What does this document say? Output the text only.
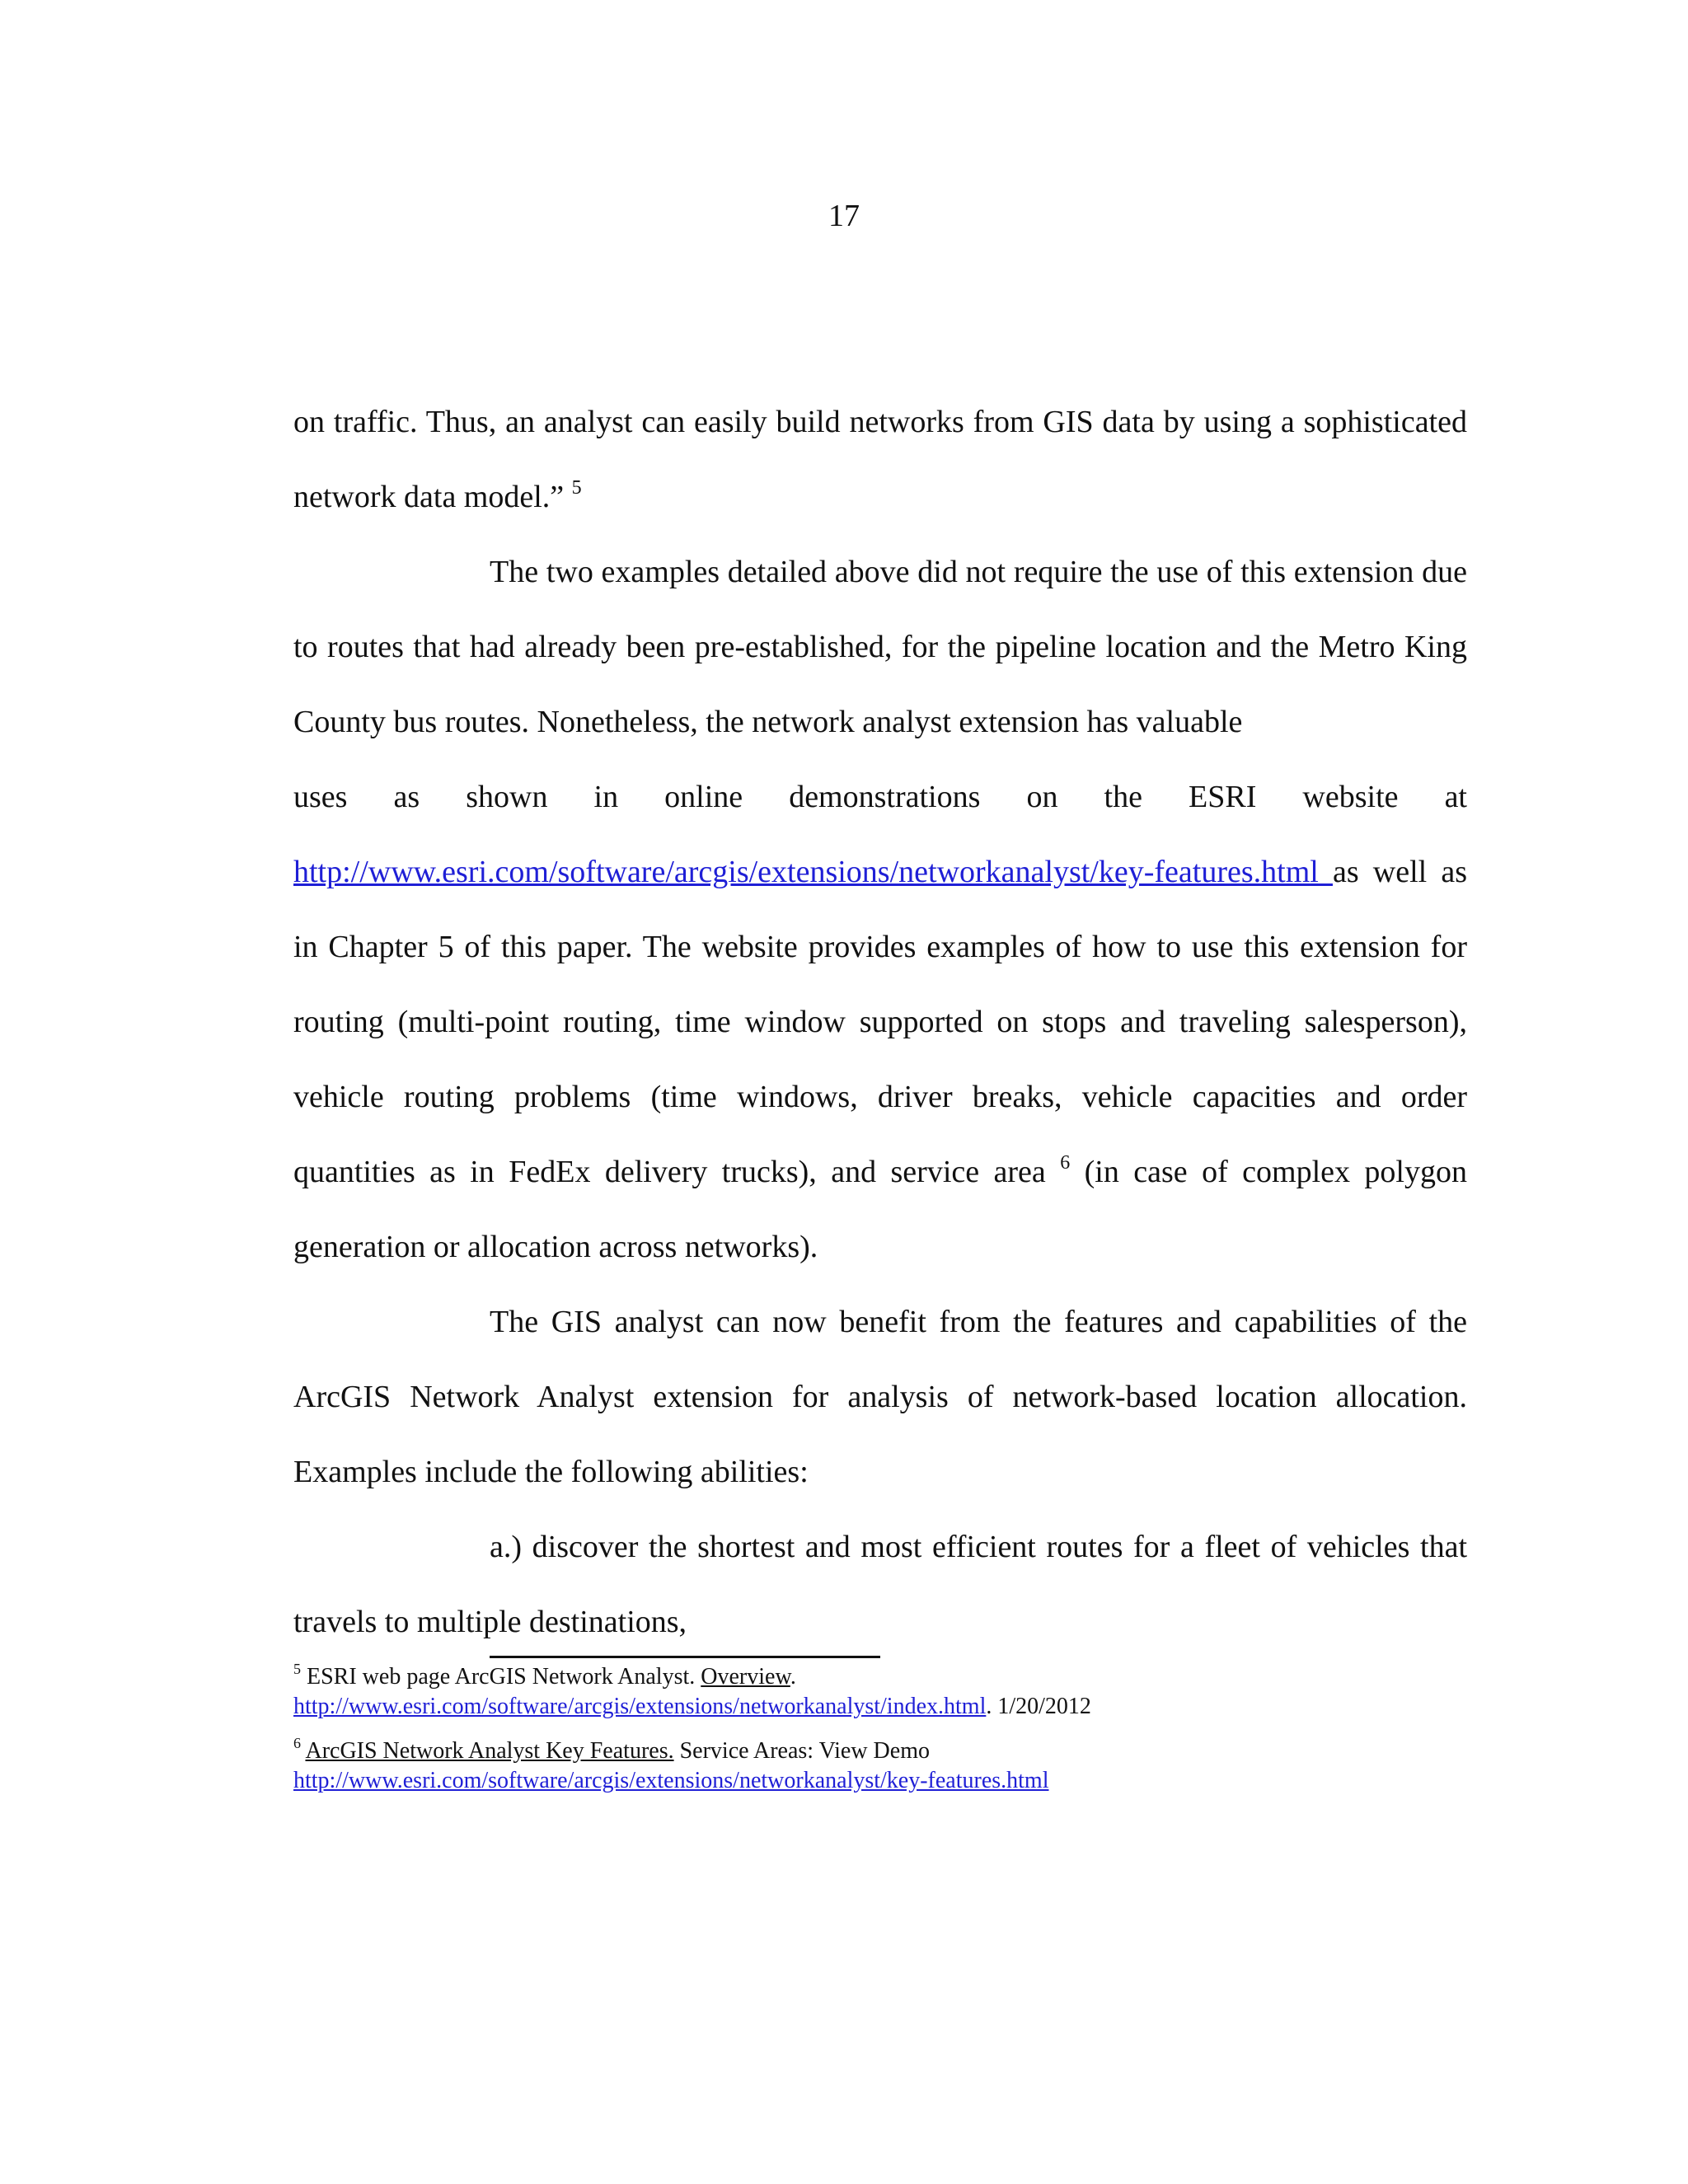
17

on traffic. Thus, an analyst can easily build networks from GIS data by using a sophisticated network data model.” $^5$

The two examples detailed above did not require the use of this extension due to routes that had already been pre-established, for the pipeline location and the Metro King County bus routes. Nonetheless, the network analyst extension has valuable

uses as shown in online demonstrations on the ESRI website at

http://www.esri.com/software/arcgis/extensions/networkanalyst/key-features.html as well as in Chapter 5 of this paper. The website provides examples of how to use this extension for routing (multi-point routing, time window supported on stops and traveling salesperson), vehicle routing problems (time windows, driver breaks, vehicle capacities and order quantities as in FedEx delivery trucks), and service area $^6$ (in case of complex polygon generation or allocation across networks).

The GIS analyst can now benefit from the features and capabilities of the ArcGIS Network Analyst extension for analysis of network-based location allocation. Examples include the following abilities:

a.) discover the shortest and most efficient routes for a fleet of vehicles that travels to multiple destinations,

$^5$ ESRI web page ArcGIS Network Analyst. Overview.
http://www.esri.com/software/arcgis/extensions/networkanalyst/index.html. 1/20/2012
$^6$ ArcGIS Network Analyst Key Features. Service Areas: View Demo
http://www.esri.com/software/arcgis/extensions/networkanalyst/key-features.html
